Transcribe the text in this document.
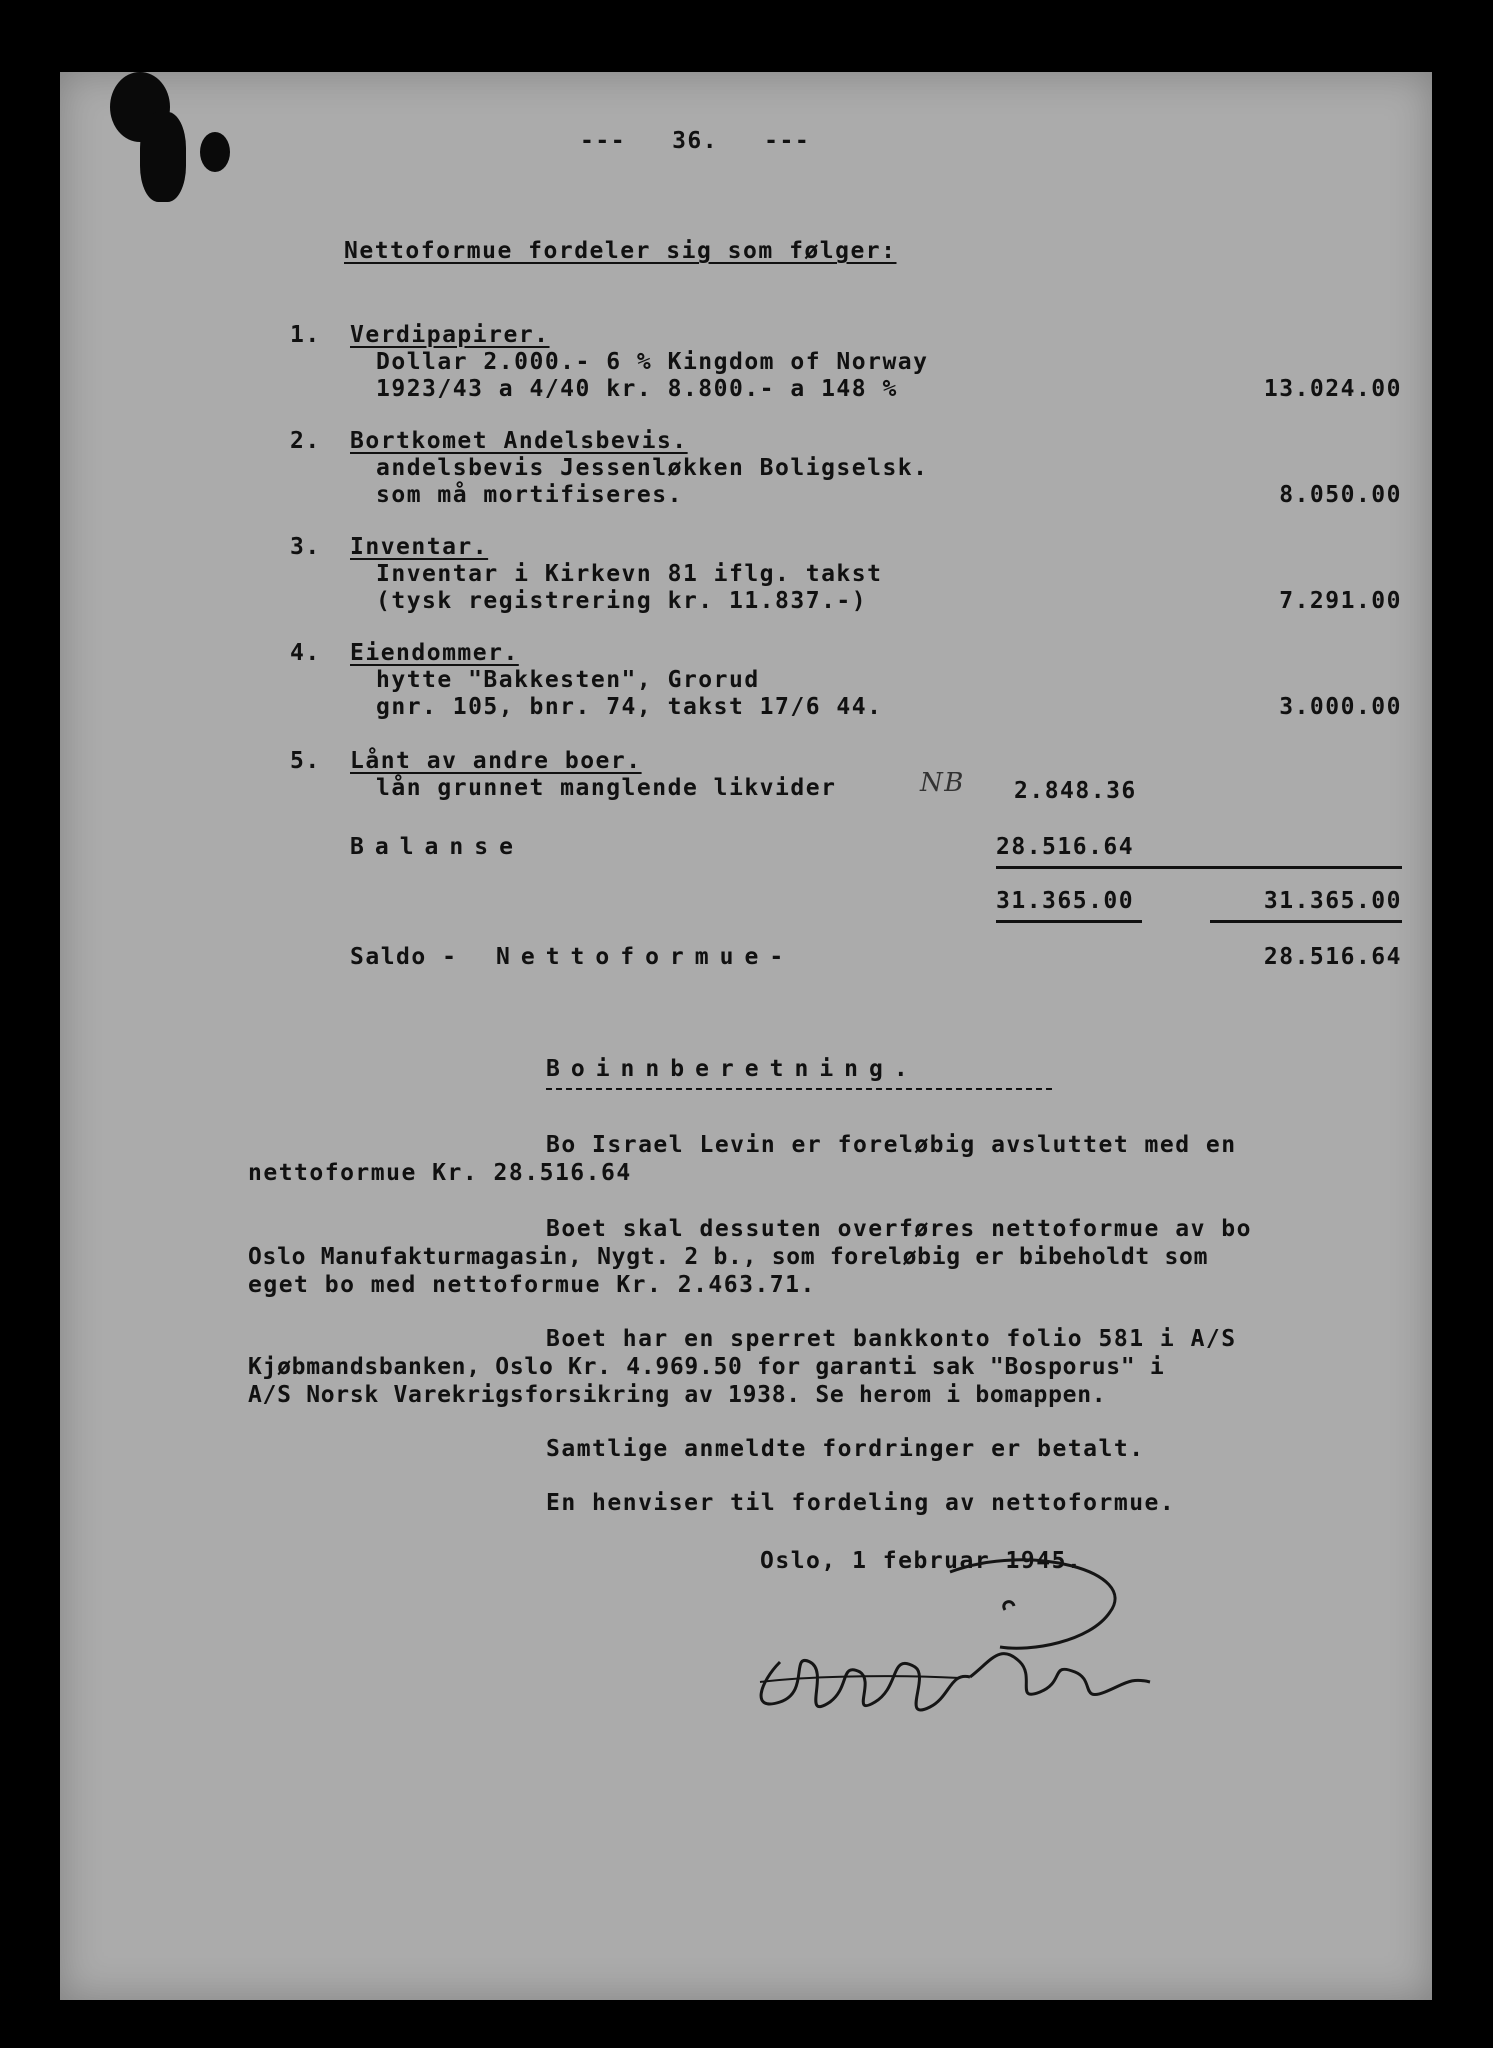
---   36.   ---
Nettoformue fordeler sig som følger:
1. Verdipapirer.
Dollar 2.000.- 6 % Kingdom of Norway
1923/43 a 4/40 kr. 8.800.- a 148 %	13.024.00
2. Bortkomet Andelsbevis.
andelsbevis Jessenløkken Boligselsk.
som må mortifiseres.	8.050.00
3. Inventar.
Inventar i Kirkevn 81 iflg. takst
(tysk registrering kr. 11.837.-)	7.291.00
4. Eiendommer.
hytte "Bakkesten", Grorud
gnr. 105, bnr. 74, takst 17/6 44.	3.000.00
5. Lånt av andre boer.
lån grunnet manglende likvider	NB 2.848.36
Balanse	28.516.64
31.365.00	31.365.00
Saldo - Nettoformue-	28.516.64
Boinnberetning.
Bo Israel Levin er foreløbig avsluttet med en
nettoformue Kr. 28.516.64
Boet skal dessuten overføres nettoformue av bo
Oslo Manufakturmagasin, Nygt. 2 b., som foreløbig er bibeholdt som
eget bo med nettoformue Kr. 2.463.71.
Boet har en sperret bankkonto folio 581 i A/S
Kjøbmandsbanken, Oslo Kr. 4.969.50 for garanti sak "Bosporus" i
A/S Norsk Varekrigsforsikring av 1938. Se herom i bomappen.
Samtlige anmeldte fordringer er betalt.
En henviser til fordeling av nettoformue.
Oslo, 1 februar 1945.
